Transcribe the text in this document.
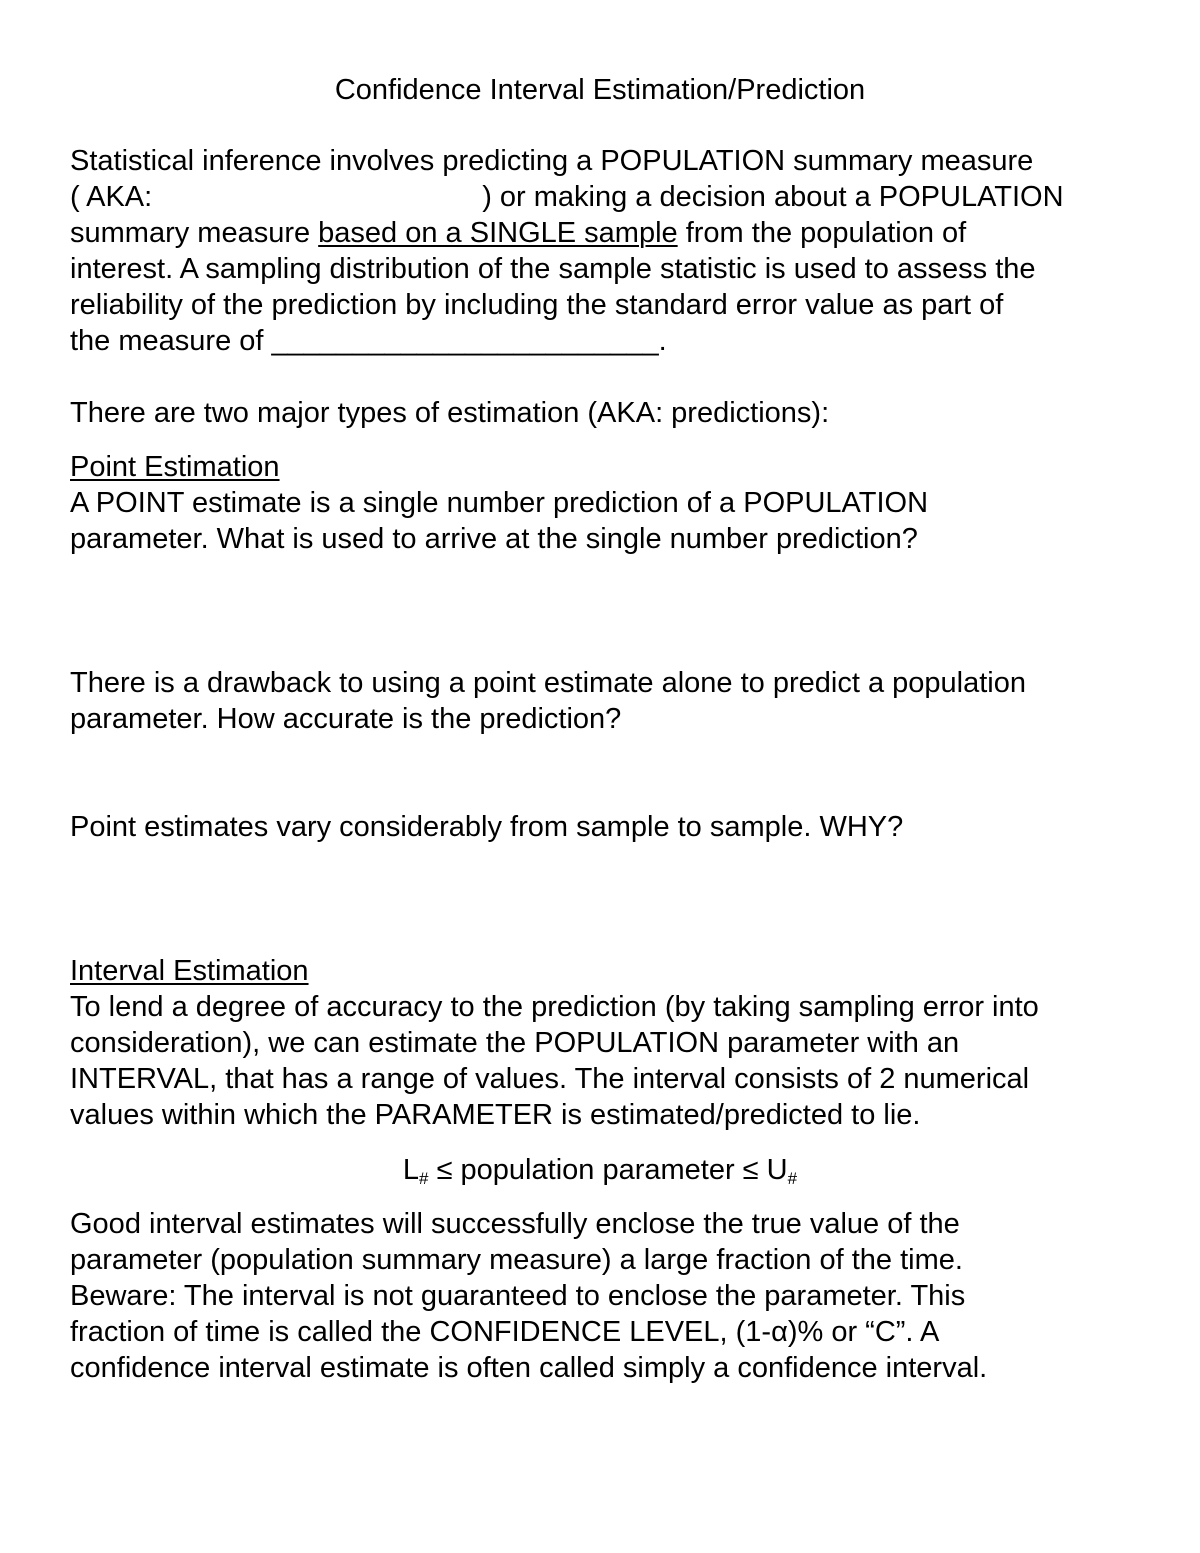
Confidence Interval Estimation/Prediction
Statistical inference involves predicting a POPULATION summary measure
( AKA:	) or making a decision about a POPULATION
summary measure based on a SINGLE sample from the population of
interest. A sampling distribution of the sample statistic is used to assess the
reliability of the prediction by including the standard error value as part of
the measure of ________________________.
There are two major types of estimation (AKA: predictions):
Point Estimation
A POINT estimate is a single number prediction of a POPULATION
parameter. What is used to arrive at the single number prediction?
There is a drawback to using a point estimate alone to predict a population
parameter. How accurate is the prediction?
Point estimates vary considerably from sample to sample. WHY?
Interval Estimation
To lend a degree of accuracy to the prediction (by taking sampling error into
consideration), we can estimate the POPULATION parameter with an
INTERVAL, that has a range of values. The interval consists of 2 numerical
values within which the PARAMETER is estimated/predicted to lie.
$L_{\#}$ ≤ population parameter ≤ $U_{\#}$
Good interval estimates will successfully enclose the true value of the
parameter (population summary measure) a large fraction of the time.
Beware: The interval is not guaranteed to enclose the parameter. This
fraction of time is called the CONFIDENCE LEVEL, (1-α)% or “C”. A
confidence interval estimate is often called simply a confidence interval.
